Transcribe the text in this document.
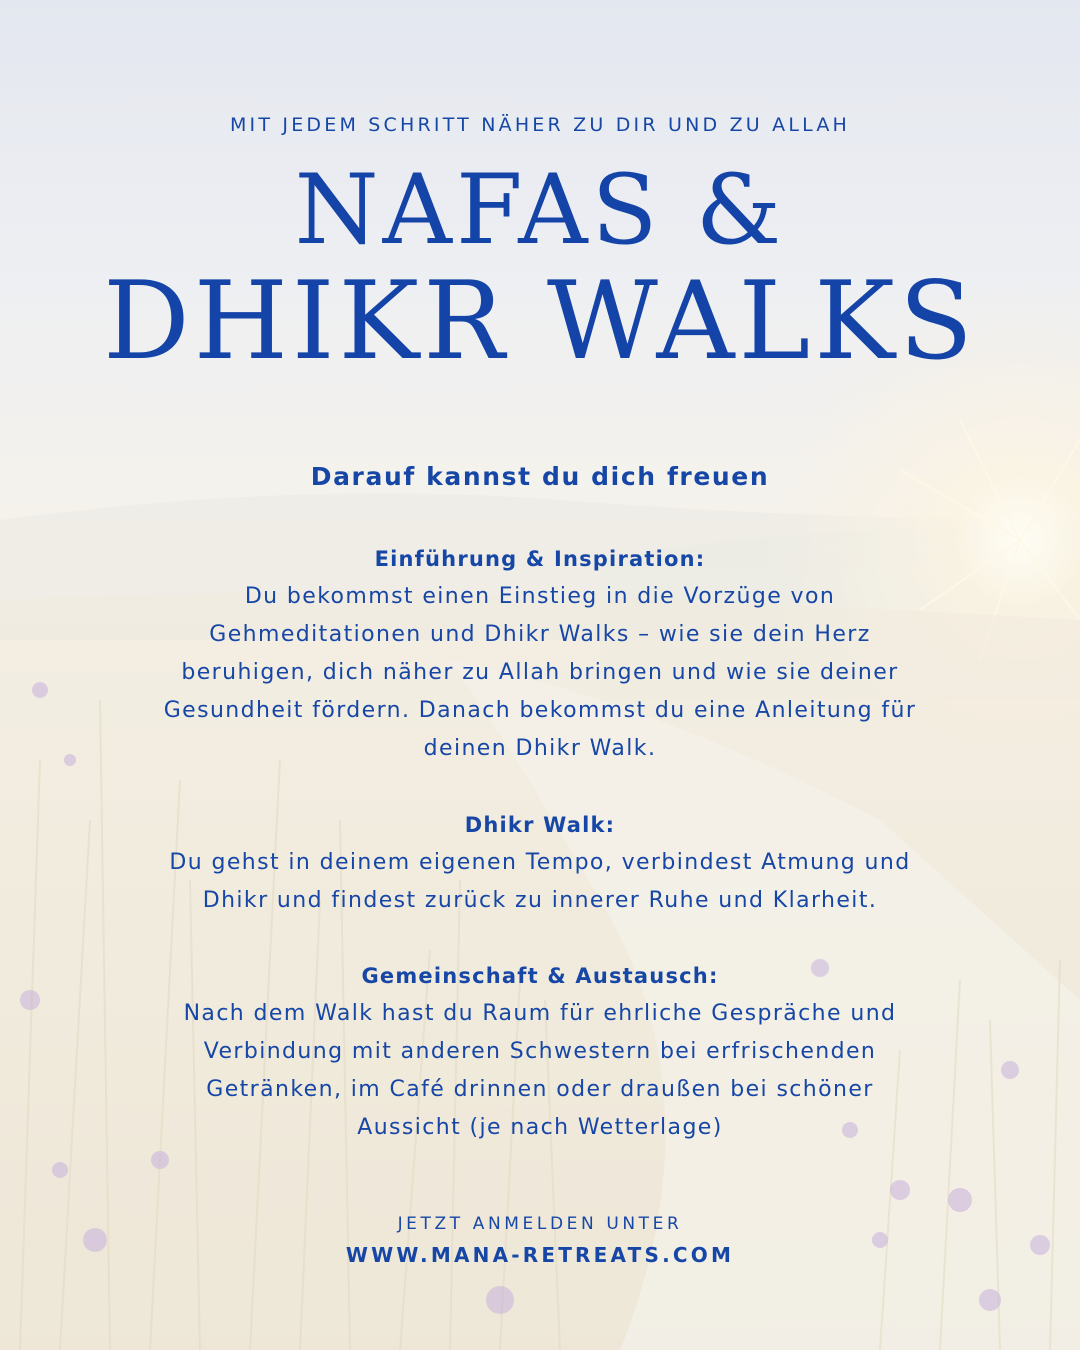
MIT JEDEM SCHRITT NÄHER ZU DIR UND ZU ALLAH
NAFAS &
DHIKR WALKS
Darauf kannst du dich freuen
Einführung & Inspiration:
Du bekommst einen Einstieg in die Vorzüge von
Gehmeditationen und Dhikr Walks – wie sie dein Herz
beruhigen, dich näher zu Allah bringen und wie sie deiner
Gesundheit fördern. Danach bekommst du eine Anleitung für
deinen Dhikr Walk.
Dhikr Walk:
Du gehst in deinem eigenen Tempo, verbindest Atmung und
Dhikr und findest zurück zu innerer Ruhe und Klarheit.
Gemeinschaft & Austausch:
Nach dem Walk hast du Raum für ehrliche Gespräche und
Verbindung mit anderen Schwestern bei erfrischenden
Getränken, im Café drinnen oder draußen bei schöner
Aussicht (je nach Wetterlage)
JETZT ANMELDEN UNTER
WWW.MANA-RETREATS.COM
